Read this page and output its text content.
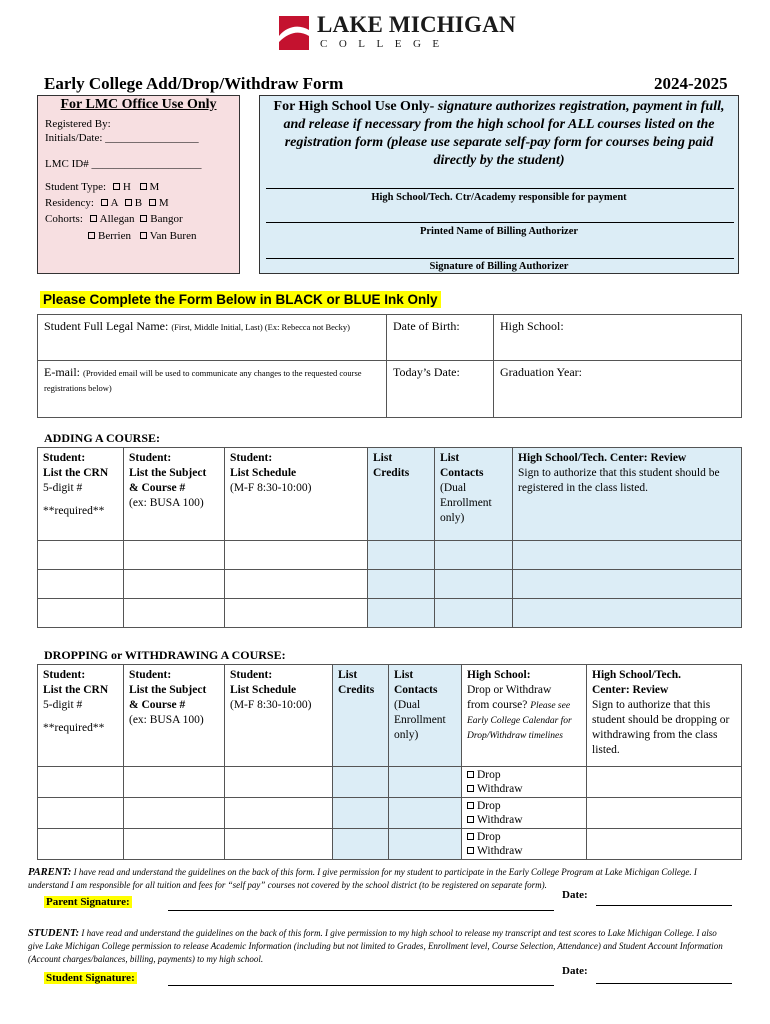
LAKE MICHIGAN
COLLEGE
Early College Add/Drop/Withdraw Form	2024-2025
For LMC Office Use Only
Registered By:
Initials/Date: _________________
LMC ID# ____________________
Student Type: H M
Residency: A B M
Cohorts: Allegan Bangor
Berrien Van Buren
For High School Use Only- signature authorizes registration, payment in full, and release if necessary from the high school for ALL courses listed on the registration form (please use separate self-pay form for courses being paid directly by the student)
High School/Tech. Ctr/Academy responsible for payment
Printed Name of Billing Authorizer
Signature of Billing Authorizer
Please Complete the Form Below in BLACK or BLUE Ink Only
Student Full Legal Name: (First, Middle Initial, Last) (Ex: Rebecca not Becky)	Date of Birth:	High School:
E-mail: (Provided email will be used to communicate any changes to the requested course registrations below)	Today’s Date:	Graduation Year:
ADDING A COURSE:
Student:
List the CRN
5-digit #
**required**	Student:
List the Subject
& Course #
(ex: BUSA 100)	Student:
List Schedule
(M-F 8:30-10:00)	List
Credits	List
Contacts
(Dual
Enrollment
only)	High School/Tech. Center: Review
Sign to authorize that this student should be registered in the class listed.

DROPPING or WITHDRAWING A COURSE:
Student:
List the CRN
5-digit #
**required**	Student:
List the Subject
& Course #
(ex: BUSA 100)	Student:
List Schedule
(M-F 8:30-10:00)	List
Credits	List
Contacts
(Dual
Enrollment
only)	High School:
Drop or Withdraw
from course? Please see Early College Calendar for Drop/Withdraw timelines	High School/Tech.
Center: Review
Sign to authorize that this student should be dropping or withdrawing from the class listed.
					Drop
Withdraw	
					Drop
Withdraw	
					Drop
Withdraw	
PARENT: I have read and understand the guidelines on the back of this form. I give permission for my student to participate in the Early College Program at Lake Michigan College. I understand I am responsible for all tuition and fees for “self pay” courses not covered by the school district (to be registered on separate form).
Date:
Parent Signature:
STUDENT: I have read and understand the guidelines on the back of this form. I give permission to my high school to release my transcript and test scores to Lake Michigan College. I also give Lake Michigan College permission to release Academic Information (including but not limited to Grades, Enrollment level, Course Selection, Attendance) and Student Account Information (Account charges/balances, billing, payments) to my high school.
Date:
Student Signature:
